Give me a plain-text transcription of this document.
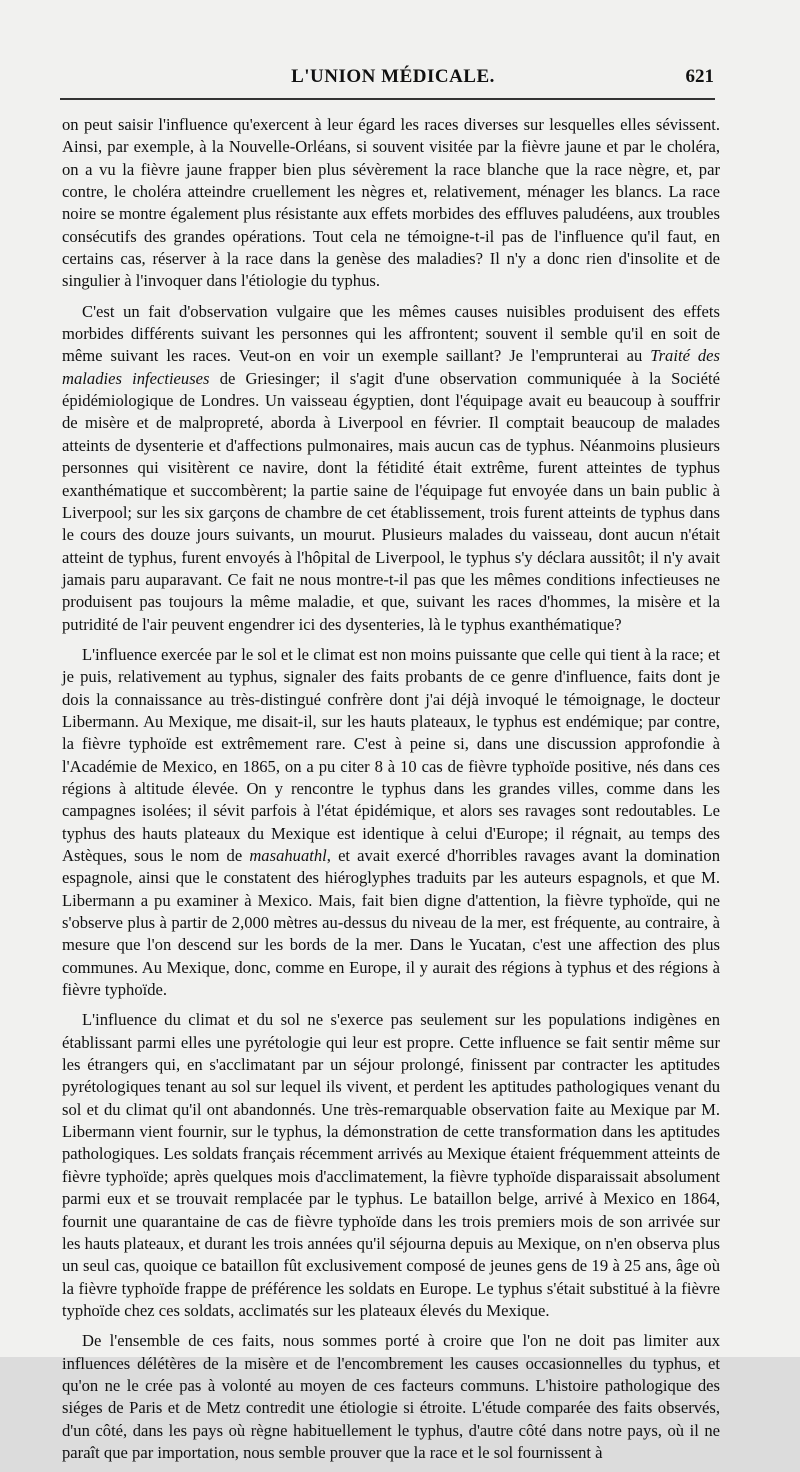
L'UNION MÉDICALE.	621

on peut saisir l'influence qu'exercent à leur égard les races diverses sur lesquelles elles sévissent. Ainsi, par exemple, à la Nouvelle-Orléans, si souvent visitée par la fièvre jaune et par le choléra, on a vu la fièvre jaune frapper bien plus sévèrement la race blanche que la race nègre, et, par contre, le choléra atteindre cruellement les nègres et, relativement, ménager les blancs. La race noire se montre également plus résistante aux effets morbides des effluves paludéens, aux troubles consécutifs des grandes opérations. Tout cela ne témoigne-t-il pas de l'influence qu'il faut, en certains cas, réserver à la race dans la genèse des maladies? Il n'y a donc rien d'insolite et de singulier à l'invoquer dans l'étiologie du typhus.

C'est un fait d'observation vulgaire que les mêmes causes nuisibles produisent des effets morbides différents suivant les personnes qui les affrontent; souvent il semble qu'il en soit de même suivant les races. Veut-on en voir un exemple saillant? Je l'emprunterai au Traité des maladies infectieuses de Griesinger; il s'agit d'une observation communiquée à la Société épidémiologique de Londres. Un vaisseau égyptien, dont l'équipage avait eu beaucoup à souffrir de misère et de malpropreté, aborda à Liverpool en février. Il comptait beaucoup de malades atteints de dysenterie et d'affections pulmonaires, mais aucun cas de typhus. Néanmoins plusieurs personnes qui visitèrent ce navire, dont la fétidité était extrême, furent atteintes de typhus exanthématique et succombèrent; la partie saine de l'équipage fut envoyée dans un bain public à Liverpool; sur les six garçons de chambre de cet établissement, trois furent atteints de typhus dans le cours des douze jours suivants, un mourut. Plusieurs malades du vaisseau, dont aucun n'était atteint de typhus, furent envoyés à l'hôpital de Liverpool, le typhus s'y déclara aussitôt; il n'y avait jamais paru auparavant. Ce fait ne nous montre-t-il pas que les mêmes conditions infectieuses ne produisent pas toujours la même maladie, et que, suivant les races d'hommes, la misère et la putridité de l'air peuvent engendrer ici des dysenteries, là le typhus exanthématique?

L'influence exercée par le sol et le climat est non moins puissante que celle qui tient à la race; et je puis, relativement au typhus, signaler des faits probants de ce genre d'influence, faits dont je dois la connaissance au très-distingué confrère dont j'ai déjà invoqué le témoignage, le docteur Libermann. Au Mexique, me disait-il, sur les hauts plateaux, le typhus est endémique; par contre, la fièvre typhoïde est extrêmement rare. C'est à peine si, dans une discussion approfondie à l'Académie de Mexico, en 1865, on a pu citer 8 à 10 cas de fièvre typhoïde positive, nés dans ces régions à altitude élevée. On y rencontre le typhus dans les grandes villes, comme dans les campagnes isolées; il sévit parfois à l'état épidémique, et alors ses ravages sont redoutables. Le typhus des hauts plateaux du Mexique est identique à celui d'Europe; il régnait, au temps des Astèques, sous le nom de masahuathl, et avait exercé d'horribles ravages avant la domination espagnole, ainsi que le constatent des hiéroglyphes traduits par les auteurs espagnols, et que M. Libermann a pu examiner à Mexico. Mais, fait bien digne d'attention, la fièvre typhoïde, qui ne s'observe plus à partir de 2,000 mètres au-dessus du niveau de la mer, est fréquente, au contraire, à mesure que l'on descend sur les bords de la mer. Dans le Yucatan, c'est une affection des plus communes. Au Mexique, donc, comme en Europe, il y aurait des régions à typhus et des régions à fièvre typhoïde.

L'influence du climat et du sol ne s'exerce pas seulement sur les populations indigènes en établissant parmi elles une pyrétologie qui leur est propre. Cette influence se fait sentir même sur les étrangers qui, en s'acclimatant par un séjour prolongé, finissent par contracter les aptitudes pyrétologiques tenant au sol sur lequel ils vivent, et perdent les aptitudes pathologiques venant du sol et du climat qu'il ont abandonnés. Une très-remarquable observation faite au Mexique par M. Libermann vient fournir, sur le typhus, la démonstration de cette transformation dans les aptitudes pathologiques. Les soldats français récemment arrivés au Mexique étaient fréquemment atteints de fièvre typhoïde; après quelques mois d'acclimatement, la fièvre typhoïde disparaissait absolument parmi eux et se trouvait remplacée par le typhus. Le bataillon belge, arrivé à Mexico en 1864, fournit une quarantaine de cas de fièvre typhoïde dans les trois premiers mois de son arrivée sur les hauts plateaux, et durant les trois années qu'il séjourna depuis au Mexique, on n'en observa plus un seul cas, quoique ce bataillon fût exclusivement composé de jeunes gens de 19 à 25 ans, âge où la fièvre typhoïde frappe de préférence les soldats en Europe. Le typhus s'était substitué à la fièvre typhoïde chez ces soldats, acclimatés sur les plateaux élevés du Mexique.

De l'ensemble de ces faits, nous sommes porté à croire que l'on ne doit pas limiter aux influences délétères de la misère et de l'encombrement les causes occasionnelles du typhus, et qu'on ne le crée pas à volonté au moyen de ces facteurs communs. L'histoire pathologique des siéges de Paris et de Metz contredit une étiologie si étroite. L'étude comparée des faits observés, d'un côté, dans les pays où règne habituellement le typhus, d'autre côté dans notre pays, où il ne paraît que par importation, nous semble prouver que la race et le sol fournissent à
